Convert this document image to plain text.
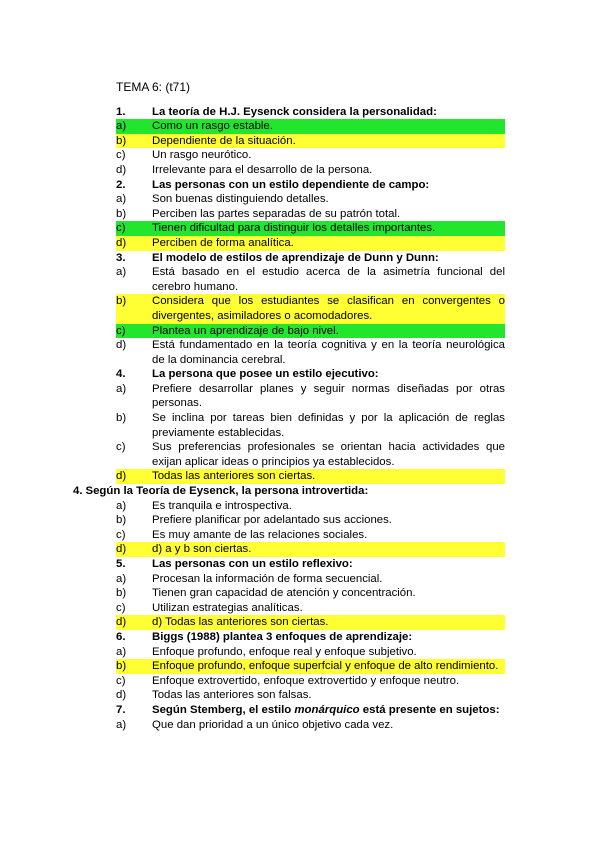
TEMA 6: (t71)
1.	La teoría de H.J. Eysenck considera la personalidad:
a)	Como un rasgo estable.
b)	Dependiente de la situación.
c)	Un rasgo neurótico.
d)	Irrelevante para el desarrollo de la persona.
2.	Las personas con un estilo dependiente de campo:
a)	Son buenas distinguiendo detalles.
b)	Perciben las partes separadas de su patrón total.
c)	Tienen dificultad para distinguir los detalles importantes.
d)	Perciben de forma analítica.
3.	El modelo de estilos de aprendizaje de Dunn y Dunn:
a)	Está basado en el estudio acerca de la asimetría funcional del cerebro humano.
b)	Considera que los estudiantes se clasifican en convergentes o divergentes, asimiladores o acomodadores.
c)	Plantea un aprendizaje de bajo nivel.
d)	Está fundamentado en la teoría cognitiva y en la teoría neurológica de la dominancia cerebral.
4.	La persona que posee un estilo ejecutivo:
a)	Prefiere desarrollar planes y seguir normas diseñadas por otras personas.
b)	Se inclina por tareas bien definidas y por la aplicación de reglas previamente establecidas.
c)	Sus preferencias profesionales se orientan hacia actividades que exijan aplicar ideas o principios ya establecidos.
d)	Todas las anteriores son ciertas.
4. Según la Teoría de Eysenck, la persona introvertida:
a)	Es tranquila e introspectiva.
b)	Prefiere planificar por adelantado sus acciones.
c)	Es muy amante de las relaciones sociales.
d)	d) a y b son ciertas.
5.	Las personas con un estilo reflexivo:
a)	Procesan la información de forma secuencial.
b)	Tienen gran capacidad de atención y concentración.
c)	Utilizan estrategias analíticas.
d)	d) Todas las anteriores son ciertas.
6.	Biggs (1988) plantea 3 enfoques de aprendizaje:
a)	Enfoque profundo, enfoque real y enfoque subjetivo.
b)	Enfoque profundo, enfoque superfcial y enfoque de alto rendimiento.
c)	Enfoque extrovertido, enfoque extrovertido y enfoque neutro.
d)	Todas las anteriores son falsas.
7.	Según Stemberg, el estilo monárquico está presente en sujetos:
a)	Que dan prioridad a un único objetivo cada vez.
